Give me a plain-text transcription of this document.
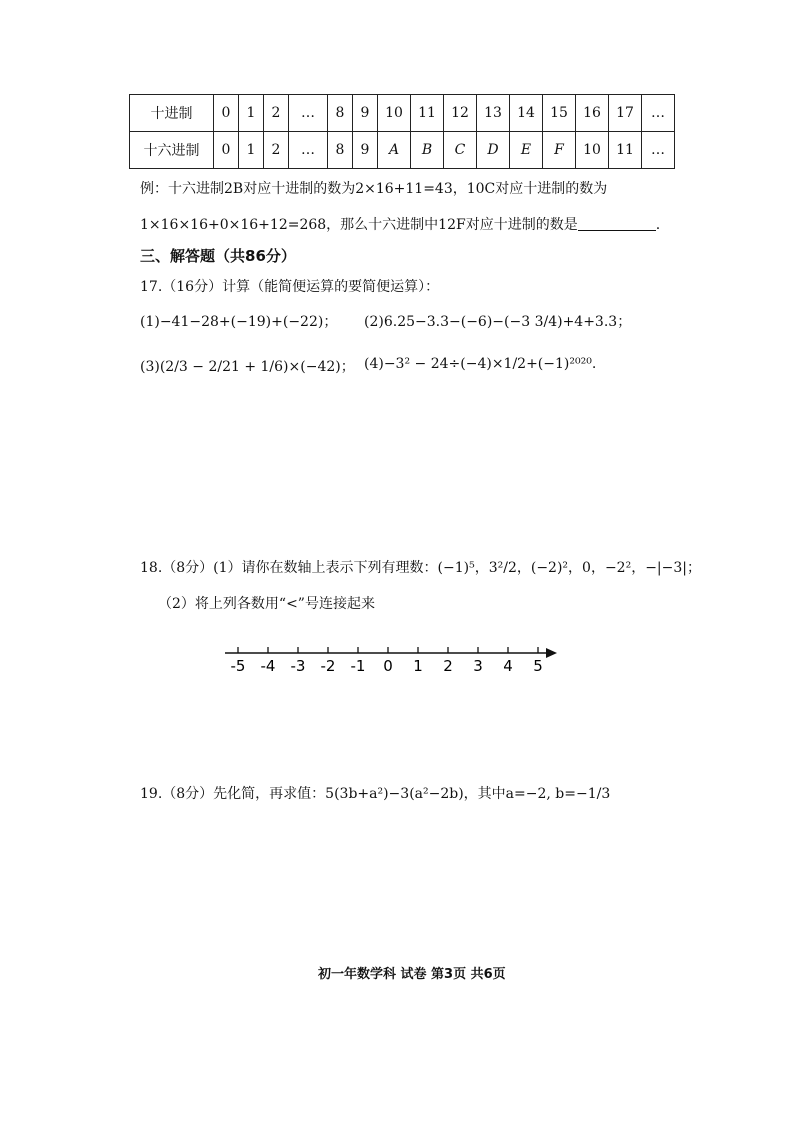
十进制	0	1	2	…	8	9	10	11	12	13	14	15	16	17	…
十六进制	0	1	2	…	8	9	A	B	C	D	E	F	10	11	…
例：十六进制2B对应十进制的数为2×16+11=43，10C对应十进制的数为
1×16×16+0×16+12=268，那么十六进制中12F对应十进制的数是	.
三、解答题（共86分）
17.（16分）计算（能简便运算的要简便运算）：
(1)−41−28+(−19)+(−22)； (2)6.25−3.3−(−6)−(−3 3/4)+4+3.3；
(3)(2/3 − 2/21 + 1/6)×(−42)； (4)−3² − 24÷(−4)×1/2+(−1)²⁰²⁰.
18.（8分）(1）请你在数轴上表示下列有理数：(−1)⁵，3²/2，(−2)²，0，−2²，−|−3|；
（2）将上列各数用“<”号连接起来
-5 -4 -3 -2 -1 0 1 2 3 4 5
19.（8分）先化简，再求值：5(3b+a²)−3(a²−2b)，其中a=−2, b=−1/3
初一年数学科 试卷 第3页 共6页
